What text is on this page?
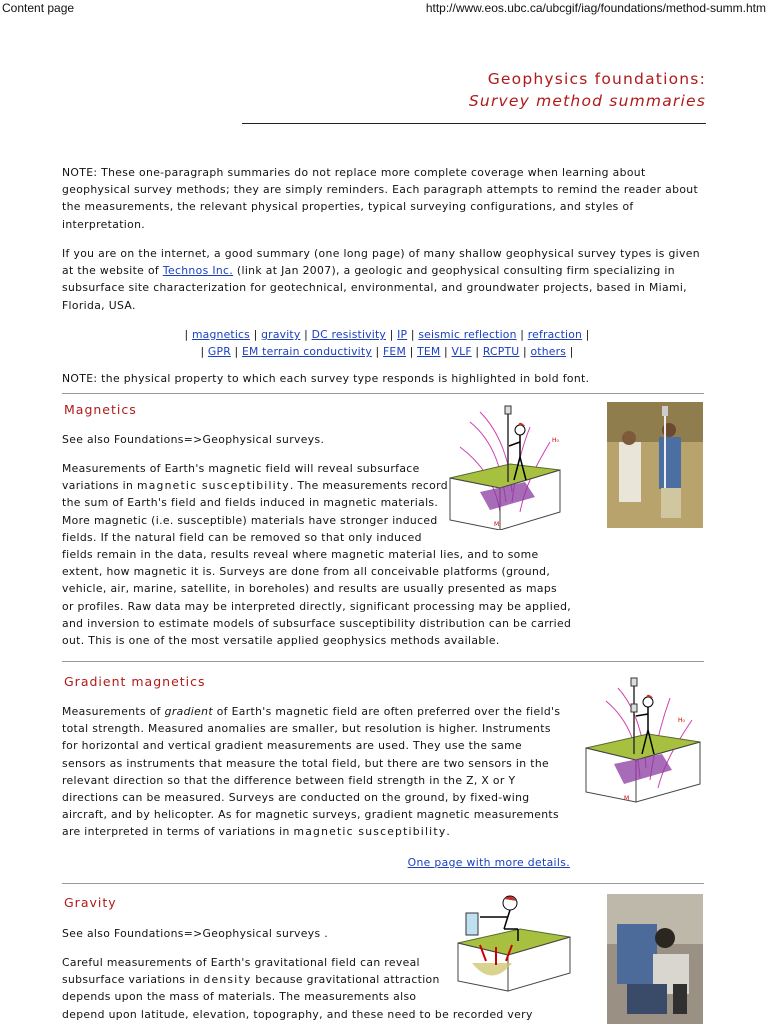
Content page	http://www.eos.ubc.ca/ubcgif/iag/foundations/method-summ.htm
Geophysics foundations:
Survey method summaries

NOTE: These one-paragraph summaries do not replace more complete coverage when learning about geophysical survey methods; they are simply reminders. Each paragraph attempts to remind the reader about the measurements, the relevant physical properties, typical surveying configurations, and styles of interpretation.

If you are on the internet, a good summary (one long page) of many shallow geophysical survey types is given at the website of Technos Inc. (link at Jan 2007), a geologic and geophysical consulting firm specializing in subsurface site characterization for geotechnical, environmental, and groundwater projects, based in Miami, Florida, USA.

| magnetics | gravity | DC resistivity | IP | seismic reflection | refraction |
| GPR | EM terrain conductivity | FEM | TEM | VLF | RCPTU | others |

NOTE: the physical property to which each survey type responds is highlighted in bold font.

Magnetics

See also Foundations=>Geophysical surveys.

Measurements of Earth's magnetic field will reveal subsurface
variations in magnetic susceptibility. The measurements record
the sum of Earth's field and fields induced in magnetic materials.
More magnetic (i.e. susceptible) materials have stronger induced
fields. If the natural field can be removed so that only induced

fields remain in the data, results reveal where magnetic material lies, and to some extent, how magnetic it is. Surveys are done from all conceivable platforms (ground, vehicle, air, marine, satellite, in boreholes) and results are usually presented as maps or profiles. Raw data may be interpreted directly, significant processing may be applied, and inversion to estimate models of subsurface susceptibility distribution can be carried out. This is one of the most versatile applied geophysics methods available.

H₀
M
Gradient magnetics

Measurements of gradient of Earth's magnetic field are often preferred over the field's total strength. Measured anomalies are smaller, but resolution is higher. Instruments for horizontal and vertical gradient measurements are used. They use the same sensors as instruments that measure the total field, but there are two sensors in the relevant direction so that the difference between field strength in the Z, X or Y directions can be measured. Surveys are conducted on the ground, by fixed-wing aircraft, and by helicopter. As for magnetic surveys, gradient magnetic measurements are interpreted in terms of variations in magnetic susceptibility.

H₀
M
One page with more details.
Gravity

See also Foundations=>Geophysical surveys .

Careful measurements of Earth's gravitational field can reveal
subsurface variations in density because gravitational attraction
depends upon the mass of materials. The measurements also
depend upon latitude, elevation, topography, and these need to be recorded very
